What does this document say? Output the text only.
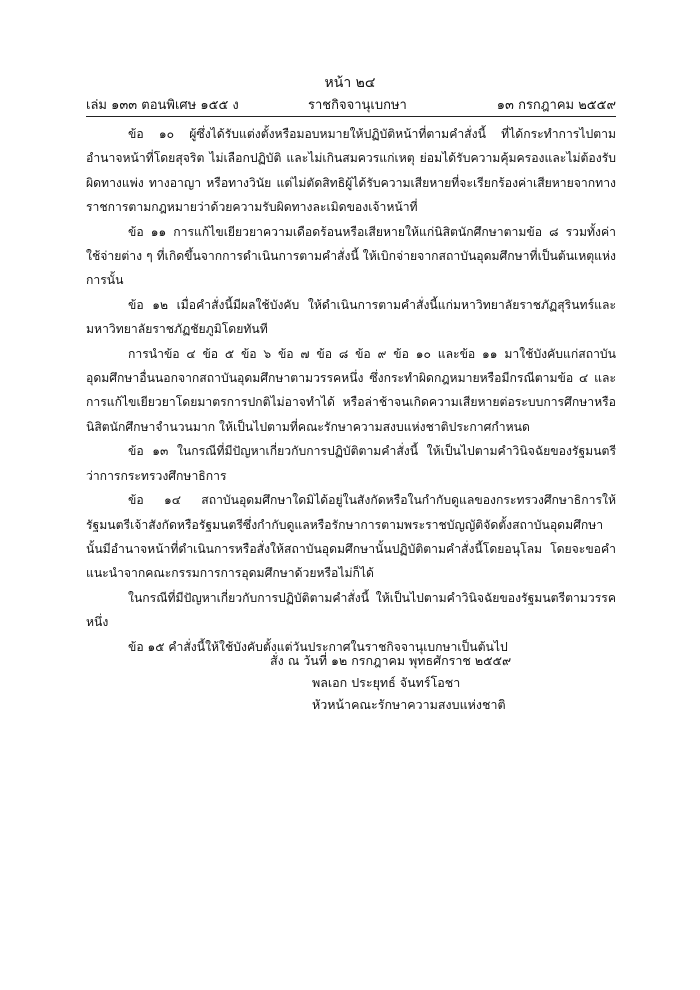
หน้า ๒๔
เล่ม ๑๓๓ ตอนพิเศษ ๑๕๕ ง	ราชกิจจานุเบกษา	๑๓ กรกฎาคม ๒๕๕๙

ข้อ ๑๐ ผู้ซึ่งได้รับแต่งตั้งหรือมอบหมายให้ปฏิบัติหน้าที่ตามคำสั่งนี้ ที่ได้กระทำการไปตามอำนาจหน้าที่โดยสุจริต ไม่เลือกปฏิบัติ และไม่เกินสมควรแก่เหตุ ย่อมได้รับความคุ้มครองและไม่ต้องรับผิดทางแพ่ง ทางอาญา หรือทางวินัย แต่ไม่ตัดสิทธิผู้ได้รับความเสียหายที่จะเรียกร้องค่าเสียหายจากทางราชการตามกฎหมายว่าด้วยความรับผิดทางละเมิดของเจ้าหน้าที่

ข้อ ๑๑ การแก้ไขเยียวยาความเดือดร้อนหรือเสียหายให้แก่นิสิตนักศึกษาตามข้อ ๘ รวมทั้งค่าใช้จ่ายต่าง ๆ ที่เกิดขึ้นจากการดำเนินการตามคำสั่งนี้ ให้เบิกจ่ายจากสถาบันอุดมศึกษาที่เป็นต้นเหตุแห่งการนั้น

ข้อ ๑๒ เมื่อคำสั่งนี้มีผลใช้บังคับ ให้ดำเนินการตามคำสั่งนี้แก่มหาวิทยาลัยราชภัฏสุรินทร์และมหาวิทยาลัยราชภัฏชัยภูมิโดยทันที

การนำข้อ ๔ ข้อ ๕ ข้อ ๖ ข้อ ๗ ข้อ ๘ ข้อ ๙ ข้อ ๑๐ และข้อ ๑๑ มาใช้บังคับแก่สถาบันอุดมศึกษาอื่นนอกจากสถาบันอุดมศึกษาตามวรรคหนึ่ง ซึ่งกระทำผิดกฎหมายหรือมีกรณีตามข้อ ๔ และการแก้ไขเยียวยาโดยมาตรการปกติไม่อาจทำได้ หรือล่าช้าจนเกิดความเสียหายต่อระบบการศึกษาหรือนิสิตนักศึกษาจำนวนมาก ให้เป็นไปตามที่คณะรักษาความสงบแห่งชาติประกาศกำหนด

ข้อ ๑๓ ในกรณีที่มีปัญหาเกี่ยวกับการปฏิบัติตามคำสั่งนี้ ให้เป็นไปตามคำวินิจฉัยของรัฐมนตรีว่าการกระทรวงศึกษาธิการ

ข้อ ๑๔ สถาบันอุดมศึกษาใดมิได้อยู่ในสังกัดหรือในกำกับดูแลของกระทรวงศึกษาธิการให้รัฐมนตรีเจ้าสังกัดหรือรัฐมนตรีซึ่งกำกับดูแลหรือรักษาการตามพระราชบัญญัติจัดตั้งสถาบันอุดมศึกษานั้นมีอำนาจหน้าที่ดำเนินการหรือสั่งให้สถาบันอุดมศึกษานั้นปฏิบัติตามคำสั่งนี้โดยอนุโลม โดยจะขอคำแนะนำจากคณะกรรมการการอุดมศึกษาด้วยหรือไม่ก็ได้

ในกรณีที่มีปัญหาเกี่ยวกับการปฏิบัติตามคำสั่งนี้ ให้เป็นไปตามคำวินิจฉัยของรัฐมนตรีตามวรรคหนึ่ง

ข้อ ๑๕ คำสั่งนี้ให้ใช้บังคับตั้งแต่วันประกาศในราชกิจจานุเบกษาเป็นต้นไป

สั่ง ณ วันที่ ๑๒ กรกฎาคม พุทธศักราช ๒๕๕๙
พลเอก ประยุทธ์ จันทร์โอชา
หัวหน้าคณะรักษาความสงบแห่งชาติ
